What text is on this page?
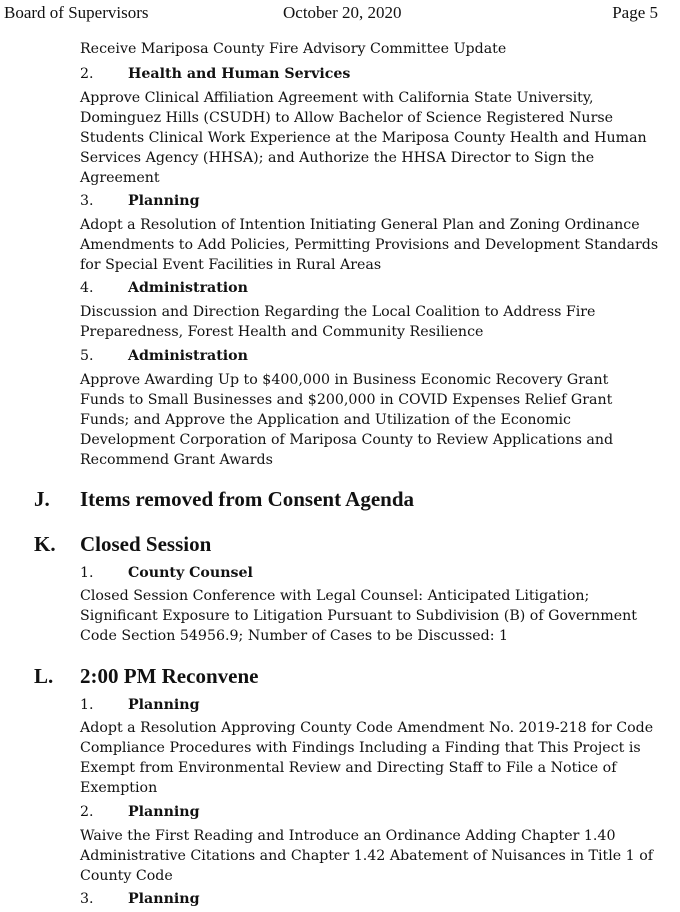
Board of Supervisors	October 20, 2020	Page 5
Receive Mariposa County Fire Advisory Committee Update
2. Health and Human Services
Approve Clinical Affiliation Agreement with California State University,
Dominguez Hills (CSUDH) to Allow Bachelor of Science Registered Nurse
Students Clinical Work Experience at the Mariposa County Health and Human
Services Agency (HHSA); and Authorize the HHSA Director to Sign the
Agreement
3. Planning
Adopt a Resolution of Intention Initiating General Plan and Zoning Ordinance
Amendments to Add Policies, Permitting Provisions and Development Standards
for Special Event Facilities in Rural Areas
4. Administration
Discussion and Direction Regarding the Local Coalition to Address Fire
Preparedness, Forest Health and Community Resilience
5. Administration
Approve Awarding Up to $400,000 in Business Economic Recovery Grant
Funds to Small Businesses and $200,000 in COVID Expenses Relief Grant
Funds; and Approve the Application and Utilization of the Economic
Development Corporation of Mariposa County to Review Applications and
Recommend Grant Awards
J. Items removed from Consent Agenda
K. Closed Session
1. County Counsel
Closed Session Conference with Legal Counsel: Anticipated Litigation;
Significant Exposure to Litigation Pursuant to Subdivision (B) of Government
Code Section 54956.9; Number of Cases to be Discussed: 1
L. 2:00 PM Reconvene
1. Planning
Adopt a Resolution Approving County Code Amendment No. 2019-218 for Code
Compliance Procedures with Findings Including a Finding that This Project is
Exempt from Environmental Review and Directing Staff to File a Notice of
Exemption
2. Planning
Waive the First Reading and Introduce an Ordinance Adding Chapter 1.40
Administrative Citations and Chapter 1.42 Abatement of Nuisances in Title 1 of
County Code
3. Planning
